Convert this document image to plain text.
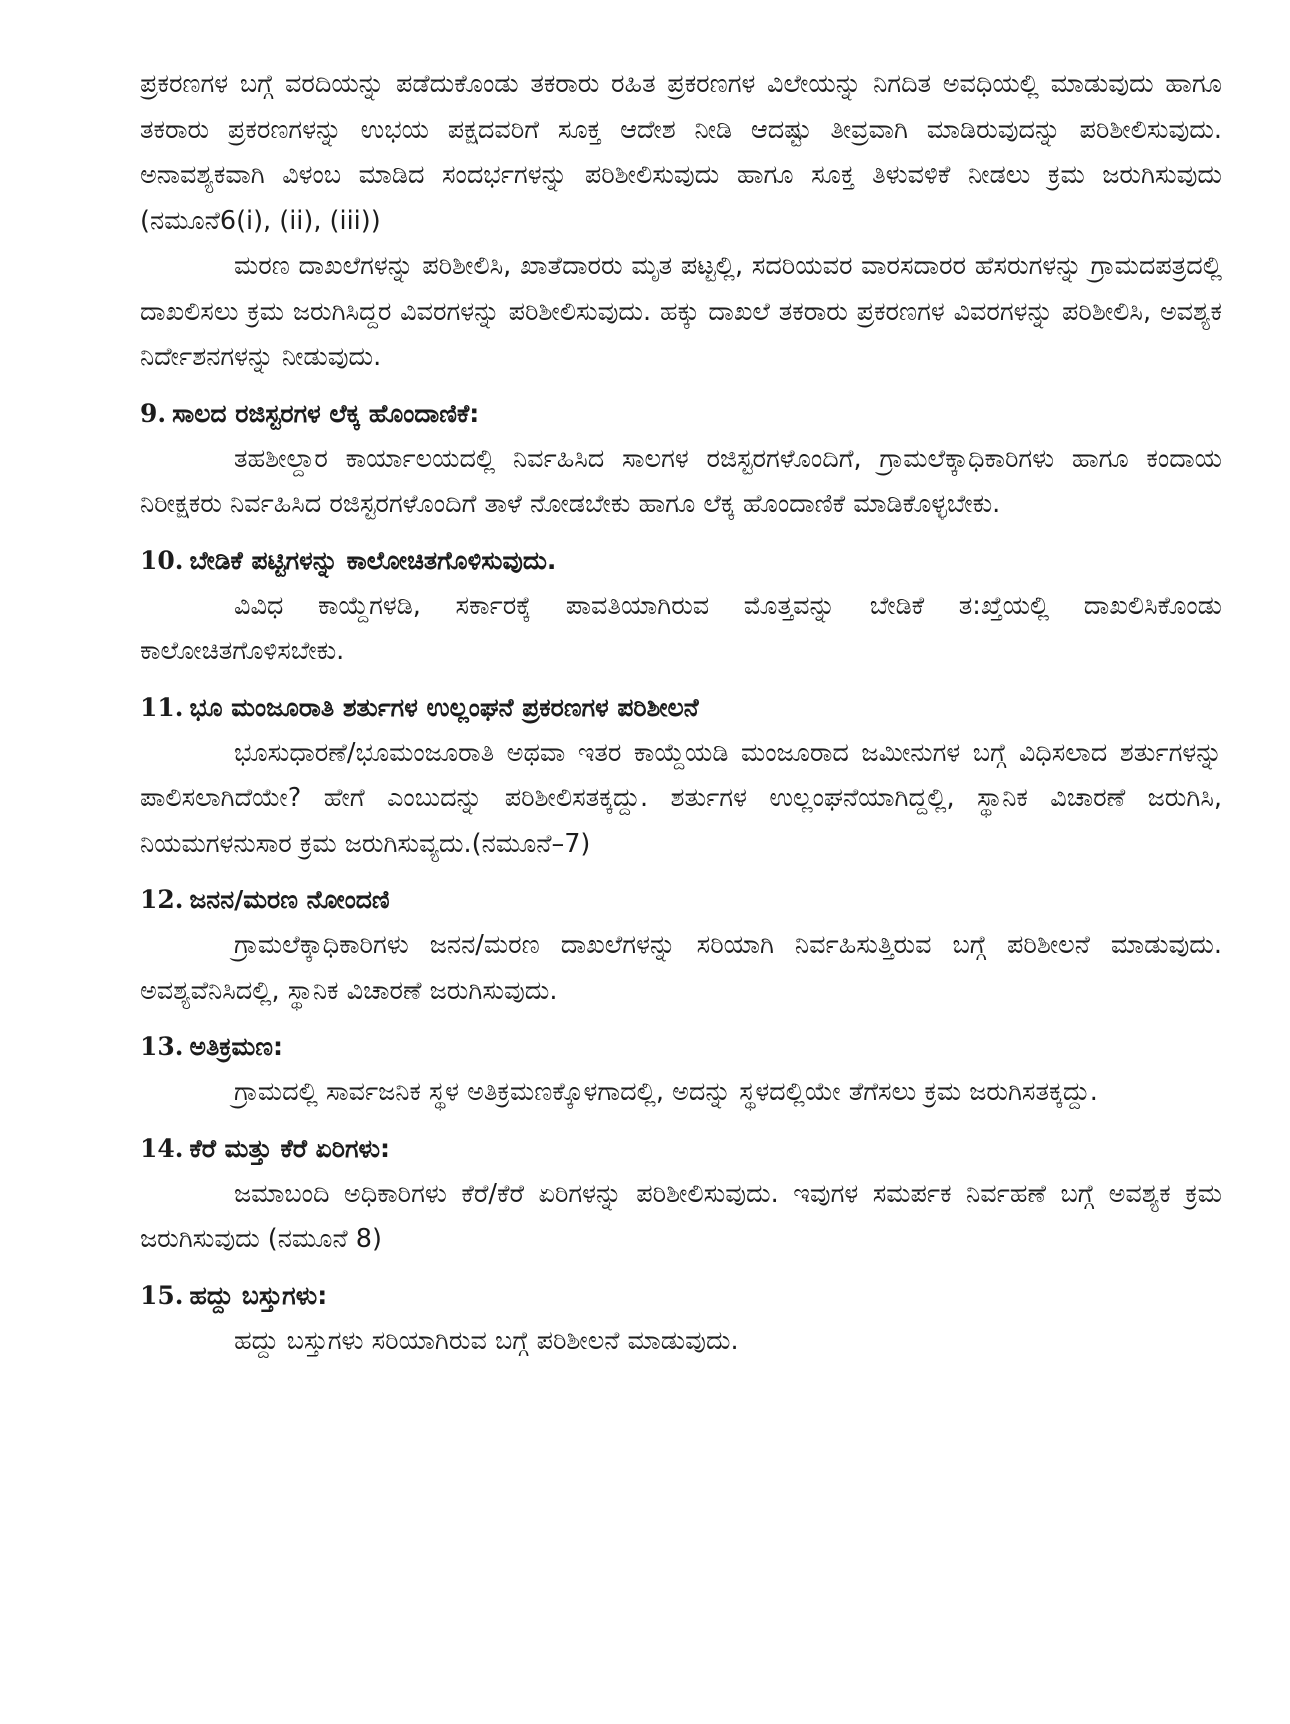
ಪ್ರಕರಣಗಳ ಬಗ್ಗೆ ವರದಿಯನ್ನು ಪಡೆದುಕೊಂಡು ತಕರಾರು ರಹಿತ ಪ್ರಕರಣಗಳ ವಿಲೇಯನ್ನು ನಿಗದಿತ ಅವಧಿಯಲ್ಲಿ ಮಾಡುವುದು ಹಾಗೂ ತಕರಾರು ಪ್ರಕರಣಗಳನ್ನು ಉಭಯ ಪಕ್ಷದವರಿಗೆ ಸೂಕ್ತ ಆದೇಶ ನೀಡಿ ಆದಷ್ಟು ತೀವ್ರವಾಗಿ ಮಾಡಿರುವುದನ್ನು ಪರಿಶೀಲಿಸುವುದು. ಅನಾವಶ್ಯಕವಾಗಿ ವಿಳಂಬ ಮಾಡಿದ ಸಂದರ್ಭಗಳನ್ನು ಪರಿಶೀಲಿಸುವುದು ಹಾಗೂ ಸೂಕ್ತ ತಿಳುವಳಿಕೆ ನೀಡಲು ಕ್ರಮ ಜರುಗಿಸುವುದು (ನಮೂನೆ6(i), (ii), (iii))

ಮರಣ ದಾಖಲೆಗಳನ್ನು ಪರಿಶೀಲಿಸಿ, ಖಾತೆದಾರರು ಮೃತ ಪಟ್ಟಲ್ಲಿ, ಸದರಿಯವರ ವಾರಸದಾರರ ಹೆಸರುಗಳನ್ನು ಗ್ರಾಮದಪತ್ರದಲ್ಲಿ ದಾಖಲಿಸಲು ಕ್ರಮ ಜರುಗಿಸಿದ್ದರ ವಿವರಗಳನ್ನು ಪರಿಶೀಲಿಸುವುದು. ಹಕ್ಕು ದಾಖಲೆ ತಕರಾರು ಪ್ರಕರಣಗಳ ವಿವರಗಳನ್ನು ಪರಿಶೀಲಿಸಿ, ಅವಶ್ಯಕ ನಿರ್ದೇಶನಗಳನ್ನು ನೀಡುವುದು.

9. ಸಾಲದ ರಜಿಸ್ಟರಗಳ ಲೆಕ್ಕ ಹೊಂದಾಣಿಕೆ:

ತಹಶೀಲ್ದಾರ ಕಾರ್ಯಾಲಯದಲ್ಲಿ ನಿರ್ವಹಿಸಿದ ಸಾಲಗಳ ರಜಿಸ್ಟರಗಳೊಂದಿಗೆ, ಗ್ರಾಮಲೆಕ್ಕಾಧಿಕಾರಿಗಳು ಹಾಗೂ ಕಂದಾಯ ನಿರೀಕ್ಷಕರು ನಿರ್ವಹಿಸಿದ ರಜಿಸ್ಟರಗಳೊಂದಿಗೆ ತಾಳೆ ನೋಡಬೇಕು ಹಾಗೂ ಲೆಕ್ಕ ಹೊಂದಾಣಿಕೆ ಮಾಡಿಕೊಳ್ಳಬೇಕು.

10. ಬೇಡಿಕೆ ಪಟ್ಟಿಗಳನ್ನು ಕಾಲೋಚಿತಗೊಳಿಸುವುದು.

ವಿವಿಧ ಕಾಯ್ದೆಗಳಡಿ, ಸರ್ಕಾರಕ್ಕೆ ಪಾವತಿಯಾಗಿರುವ ಮೊತ್ತವನ್ನು ಬೇಡಿಕೆ ತ:ಖ್ತೆಯಲ್ಲಿ ದಾಖಲಿಸಿಕೊಂಡು ಕಾಲೋಚಿತಗೊಳಿಸಬೇಕು.

11. ಭೂ ಮಂಜೂರಾತಿ ಶರ್ತುಗಳ ಉಲ್ಲಂಘನೆ ಪ್ರಕರಣಗಳ ಪರಿಶೀಲನೆ

ಭೂಸುಧಾರಣೆ/ಭೂಮಂಜೂರಾತಿ ಅಥವಾ ಇತರ ಕಾಯ್ದೆಯಡಿ ಮಂಜೂರಾದ ಜಮೀನುಗಳ ಬಗ್ಗೆ ವಿಧಿಸಲಾದ ಶರ್ತುಗಳನ್ನು ಪಾಲಿಸಲಾಗಿದೆಯೇ? ಹೇಗೆ ಎಂಬುದನ್ನು ಪರಿಶೀಲಿಸತಕ್ಕದ್ದು. ಶರ್ತುಗಳ ಉಲ್ಲಂಘನೆಯಾಗಿದ್ದಲ್ಲಿ, ಸ್ಥಾನಿಕ ವಿಚಾರಣೆ ಜರುಗಿಸಿ, ನಿಯಮಗಳನುಸಾರ ಕ್ರಮ ಜರುಗಿಸುವ್ಯದು.(ನಮೂನೆ–7)

12. ಜನನ/ಮರಣ ನೋಂದಣಿ

ಗ್ರಾಮಲೆಕ್ಕಾಧಿಕಾರಿಗಳು ಜನನ/ಮರಣ ದಾಖಲೆಗಳನ್ನು ಸರಿಯಾಗಿ ನಿರ್ವಹಿಸುತ್ತಿರುವ ಬಗ್ಗೆ ಪರಿಶೀಲನೆ ಮಾಡುವುದು. ಅವಶ್ಯವೆನಿಸಿದಲ್ಲಿ, ಸ್ಥಾನಿಕ ವಿಚಾರಣೆ ಜರುಗಿಸುವುದು.

13. ಅತಿಕ್ರಮಣ:

ಗ್ರಾಮದಲ್ಲಿ ಸಾರ್ವಜನಿಕ ಸ್ಥಳ ಅತಿಕ್ರಮಣಕ್ಕೊಳಗಾದಲ್ಲಿ, ಅದನ್ನು ಸ್ಥಳದಲ್ಲಿಯೇ ತೆಗೆಸಲು ಕ್ರಮ ಜರುಗಿಸತಕ್ಕದ್ದು.

14. ಕೆರೆ ಮತ್ತು ಕೆರೆ ಏರಿಗಳು:

ಜಮಾಬಂದಿ ಅಧಿಕಾರಿಗಳು ಕೆರೆ/ಕೆರೆ ಏರಿಗಳನ್ನು ಪರಿಶೀಲಿಸುವುದು. ಇವುಗಳ ಸಮರ್ಪಕ ನಿರ್ವಹಣೆ ಬಗ್ಗೆ ಅವಶ್ಯಕ ಕ್ರಮ ಜರುಗಿಸುವುದು (ನಮೂನೆ 8)

15. ಹದ್ದು ಬಸ್ತುಗಳು:

ಹದ್ದು ಬಸ್ತುಗಳು ಸರಿಯಾಗಿರುವ ಬಗ್ಗೆ ಪರಿಶೀಲನೆ ಮಾಡುವುದು.
